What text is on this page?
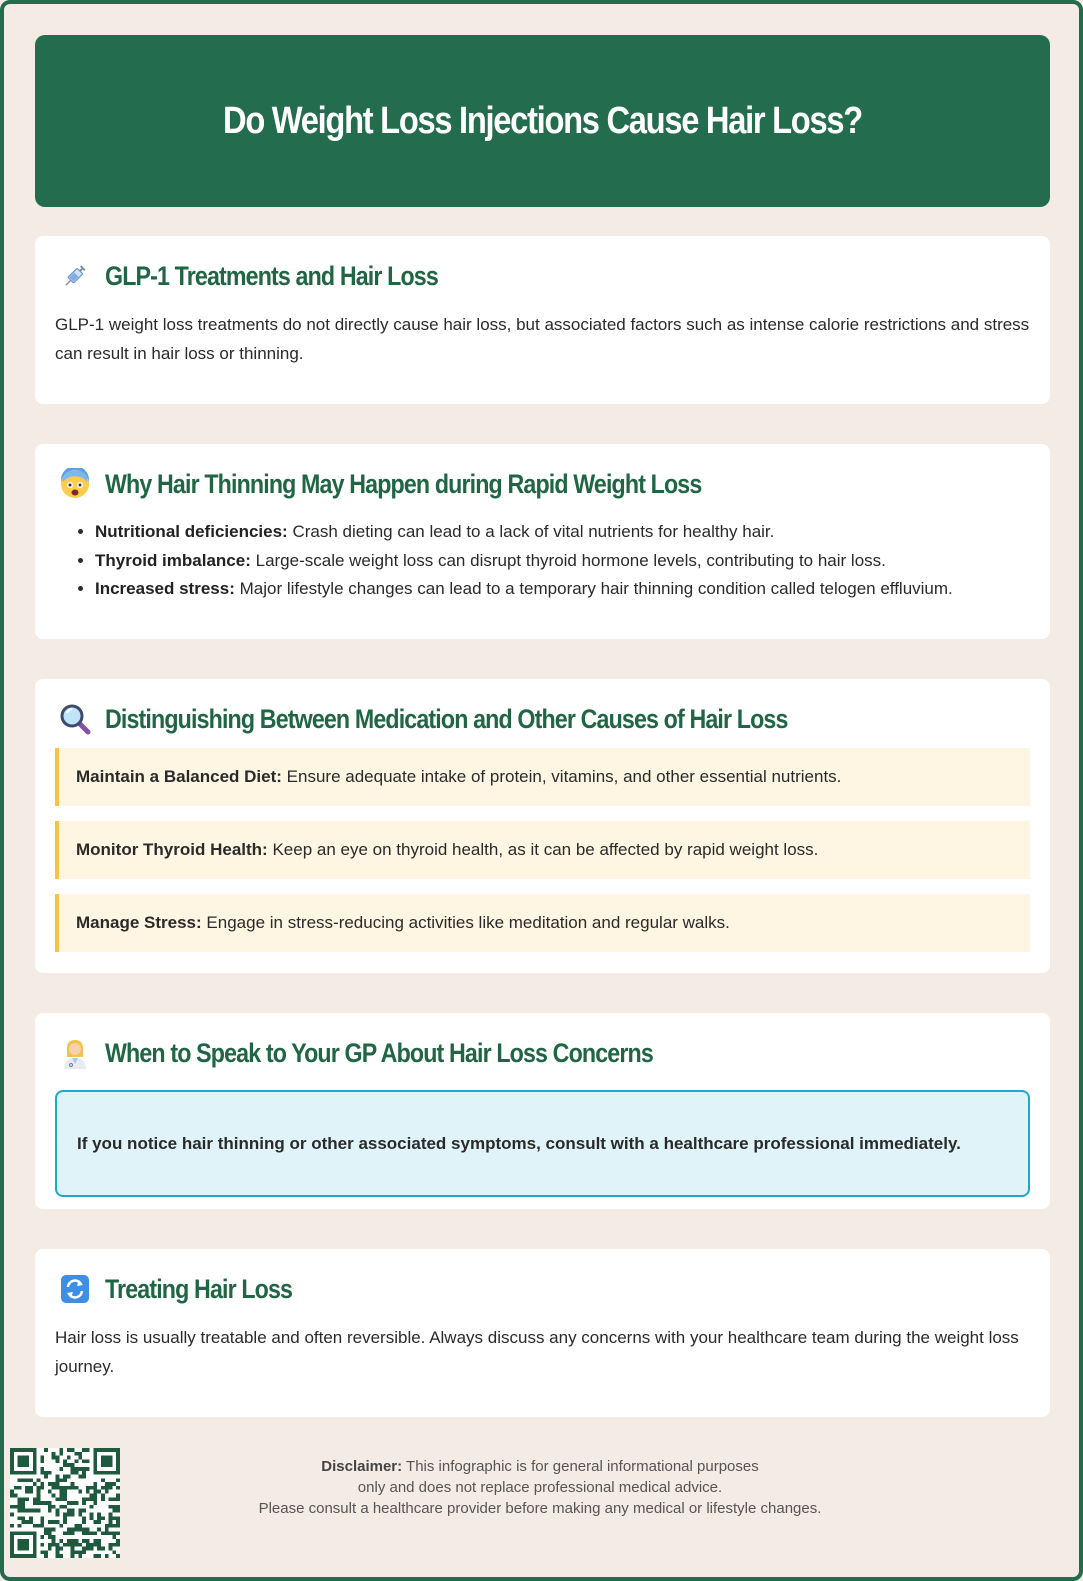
Do Weight Loss Injections Cause Hair Loss?
GLP-1 Treatments and Hair Loss

GLP-1 weight loss treatments do not directly cause hair loss, but associated factors such as intense calorie restrictions and stress can result in hair loss or thinning.

Why Hair Thinning May Happen during Rapid Weight Loss
• Nutritional deficiencies: Crash dieting can lead to a lack of vital nutrients for healthy hair.
• Thyroid imbalance: Large-scale weight loss can disrupt thyroid hormone levels, contributing to hair loss.
• Increased stress: Major lifestyle changes can lead to a temporary hair thinning condition called telogen effluvium.
Distinguishing Between Medication and Other Causes of Hair Loss
Maintain a Balanced Diet: Ensure adequate intake of protein, vitamins, and other essential nutrients.
Monitor Thyroid Health: Keep an eye on thyroid health, as it can be affected by rapid weight loss.
Manage Stress: Engage in stress-reducing activities like meditation and regular walks.
When to Speak to Your GP About Hair Loss Concerns
If you notice hair thinning or other associated symptoms, consult with a healthcare professional immediately.
Treating Hair Loss

Hair loss is usually treatable and often reversible. Always discuss any concerns with your healthcare team during the weight loss journey.

Disclaimer: This infographic is for general informational purposes
only and does not replace professional medical advice.
Please consult a healthcare provider before making any medical or lifestyle changes.
